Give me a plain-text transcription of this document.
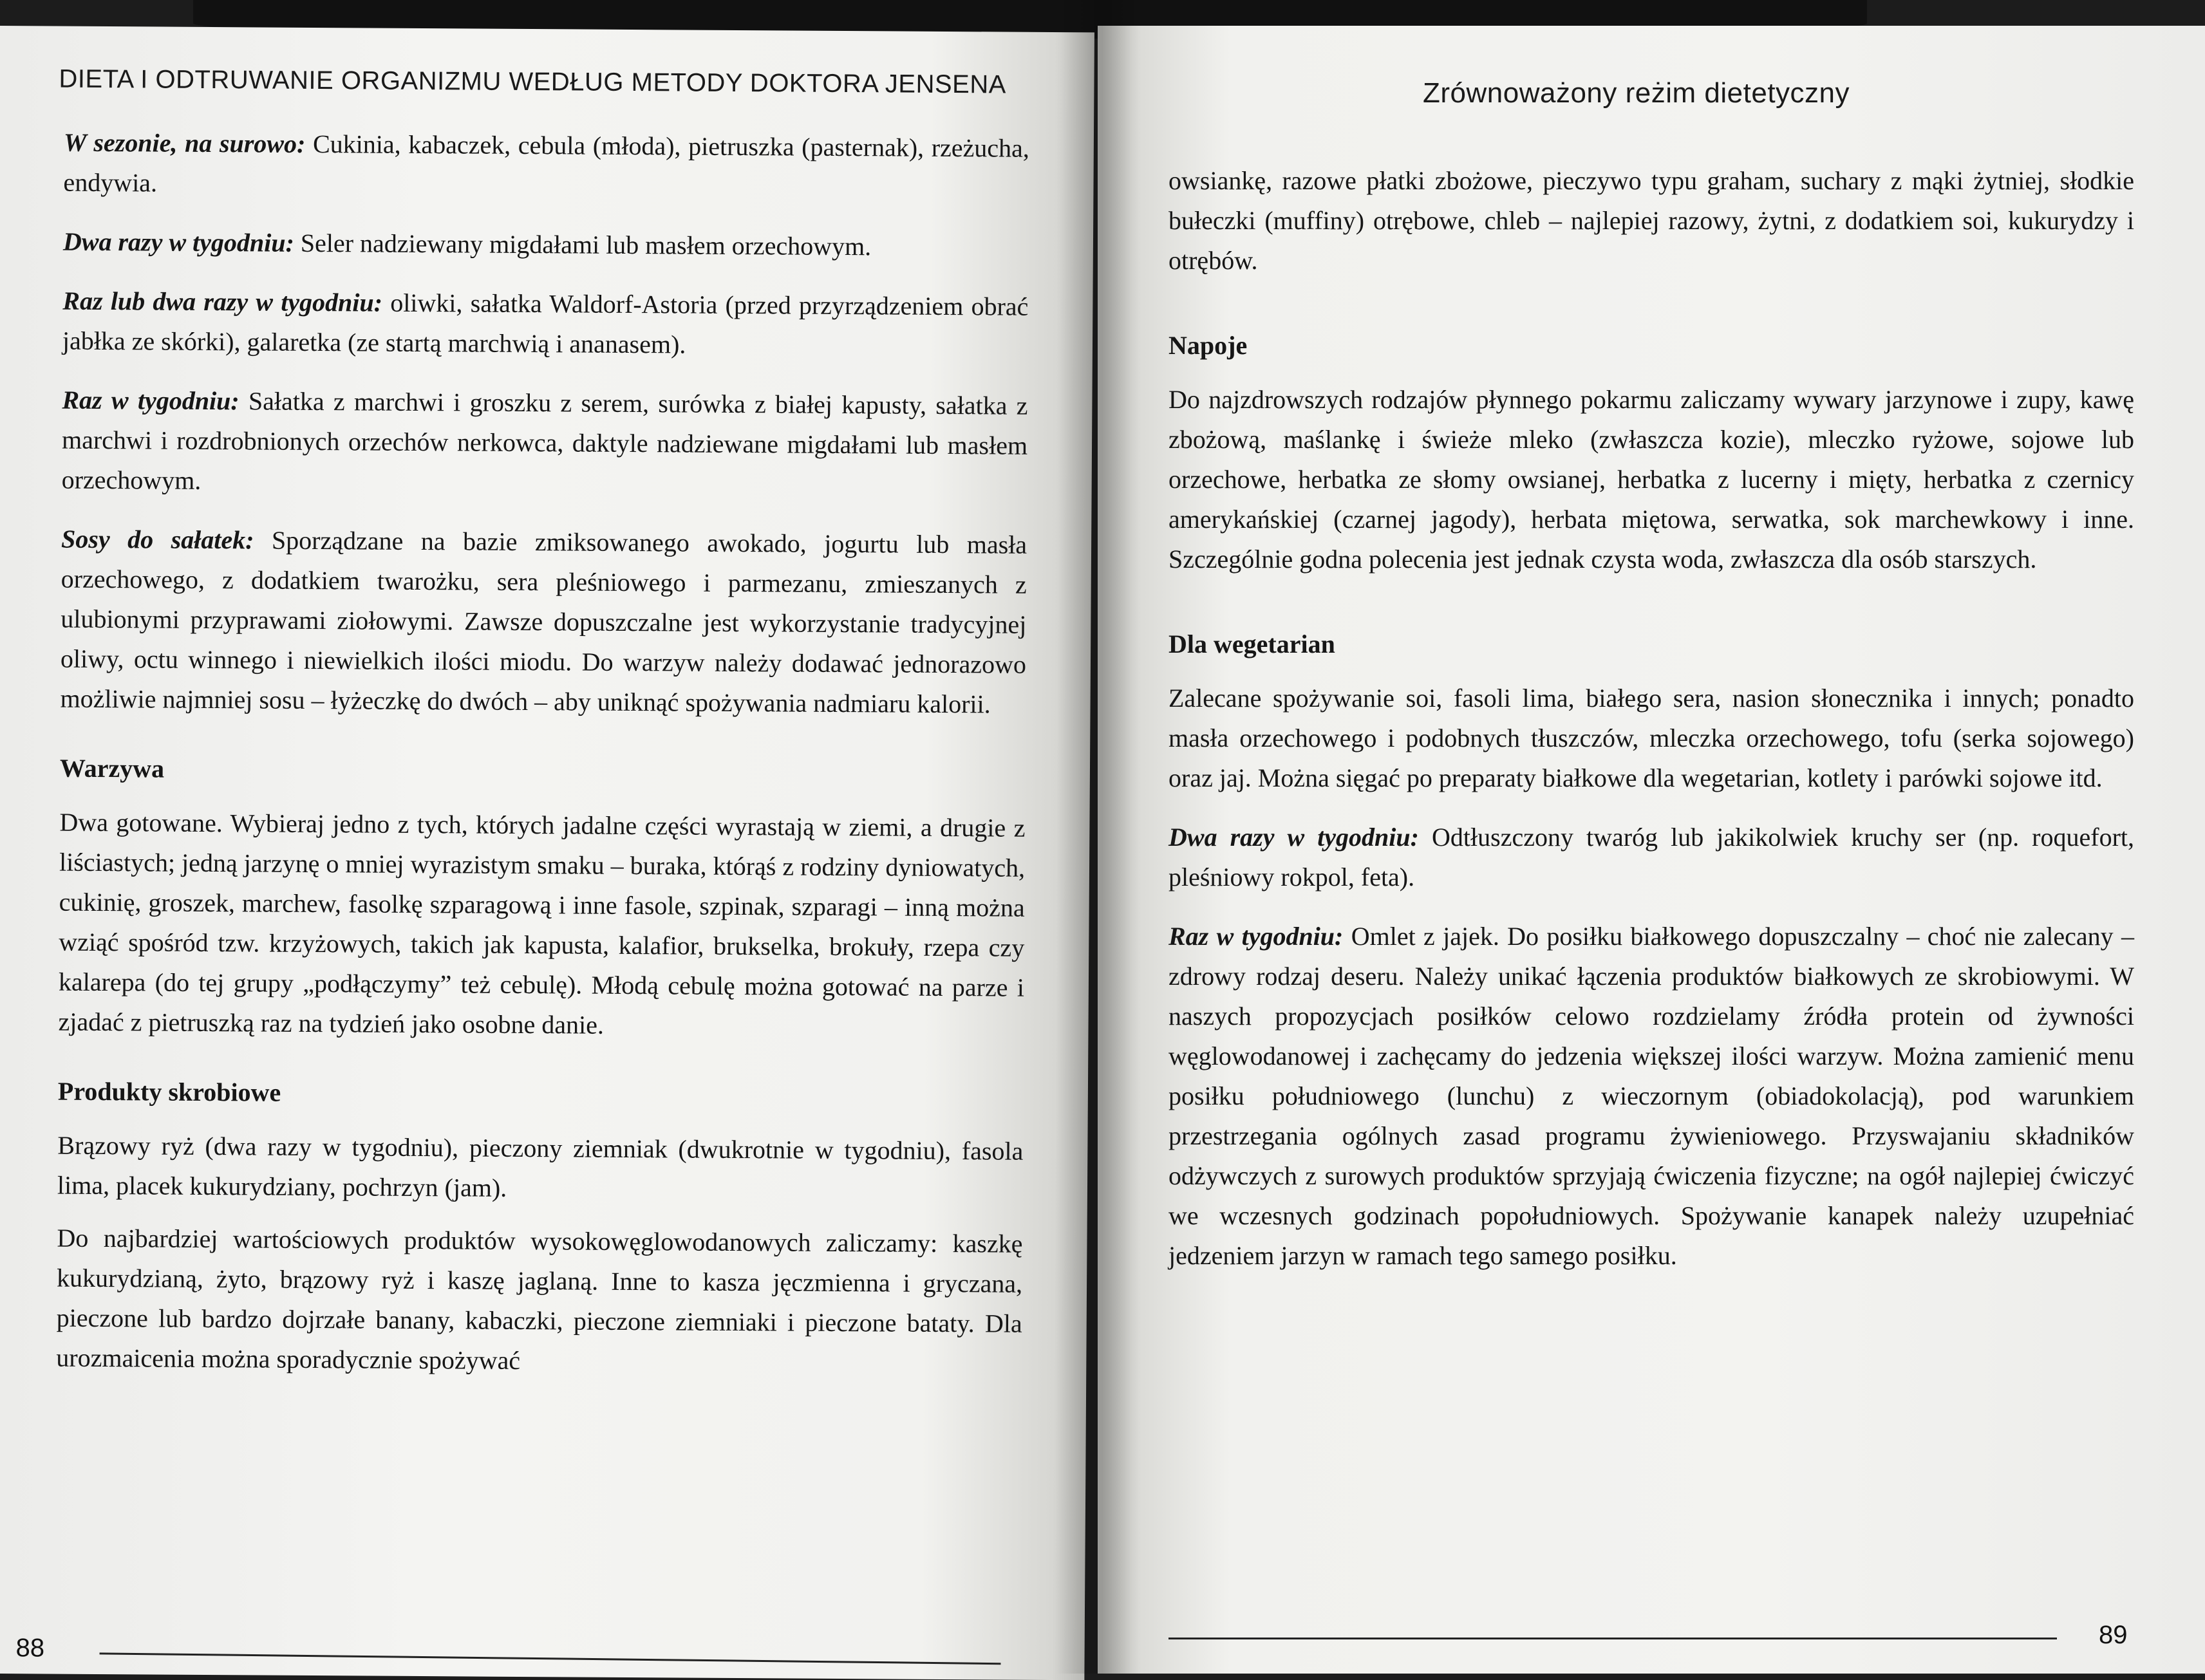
DIETA I ODTRUWANIE ORGANIZMU WEDŁUG METODY DOKTORA JENSENA

W sezonie, na surowo: Cukinia, kabaczek, cebula (młoda), pietruszka (pasternak), rzeżucha, endywia.

Dwa razy w tygodniu: Seler nadziewany migdałami lub masłem orzechowym.

Raz lub dwa razy w tygodniu: oliwki, sałatka Waldorf-Astoria (przed przyrządzeniem obrać jabłka ze skórki), galaretka (ze startą marchwią i ananasem).

Raz w tygodniu: Sałatka z marchwi i groszku z serem, surówka z białej kapusty, sałatka z marchwi i rozdrobnionych orzechów nerkowca, daktyle nadziewane migdałami lub masłem orzechowym.

Sosy do sałatek: Sporządzane na bazie zmiksowanego awokado, jogurtu lub masła orzechowego, z dodatkiem twarożku, sera pleśniowego i parmezanu, zmieszanych z ulubionymi przyprawami ziołowymi. Zawsze dopuszczalne jest wykorzystanie tradycyjnej oliwy, octu winnego i niewielkich ilości miodu. Do warzyw należy dodawać jednorazowo możliwie najmniej sosu – łyżeczkę do dwóch – aby uniknąć spożywania nadmiaru kalorii.

Warzywa

Dwa gotowane. Wybieraj jedno z tych, których jadalne części wyrastają w ziemi, a drugie z liściastych; jedną jarzynę o mniej wyrazistym smaku – buraka, którąś z rodziny dyniowatych, cukinię, groszek, marchew, fasolkę szparagową i inne fasole, szpinak, szparagi – inną można wziąć spośród tzw. krzyżowych, takich jak kapusta, kalafior, brukselka, brokuły, rzepa czy kalarepa (do tej grupy „podłączymy” też cebulę). Młodą cebulę można gotować na parze i zjadać z pietruszką raz na tydzień jako osobne danie.

Produkty skrobiowe

Brązowy ryż (dwa razy w tygodniu), pieczony ziemniak (dwukrotnie w tygodniu), fasola lima, placek kukurydziany, pochrzyn (jam).

Do najbardziej wartościowych produktów wysokowęglowodanowych zaliczamy: kaszkę kukurydzianą, żyto, brązowy ryż i kaszę jaglaną. Inne to kasza jęczmienna i gryczana, pieczone lub bardzo dojrzałe banany, kabaczki, pieczone ziemniaki i pieczone bataty. Dla urozmaicenia można sporadycznie spożywać

88
Zrównoważony reżim dietetyczny

owsiankę, razowe płatki zbożowe, pieczywo typu graham, suchary z mąki żytniej, słodkie bułeczki (muffiny) otrębowe, chleb – najlepiej razowy, żytni, z dodatkiem soi, kukurydzy i otrębów.

Napoje

Do najzdrowszych rodzajów płynnego pokarmu zaliczamy wywary jarzynowe i zupy, kawę zbożową, maślankę i świeże mleko (zwłaszcza kozie), mleczko ryżowe, sojowe lub orzechowe, herbatka ze słomy owsianej, herbatka z lucerny i mięty, herbatka z czernicy amerykańskiej (czarnej jagody), herbata miętowa, serwatka, sok marchewkowy i inne. Szczególnie godna polecenia jest jednak czysta woda, zwłaszcza dla osób starszych.

Dla wegetarian

Zalecane spożywanie soi, fasoli lima, białego sera, nasion słonecznika i innych; ponadto masła orzechowego i podobnych tłuszczów, mleczka orzechowego, tofu (serka sojowego) oraz jaj. Można sięgać po preparaty białkowe dla wegetarian, kotlety i parówki sojowe itd.

Dwa razy w tygodniu: Odtłuszczony twaróg lub jakikolwiek kruchy ser (np. roquefort, pleśniowy rokpol, feta).

Raz w tygodniu: Omlet z jajek. Do posiłku białkowego dopuszczalny – choć nie zalecany – zdrowy rodzaj deseru. Należy unikać łączenia produktów białkowych ze skrobiowymi. W naszych propozycjach posiłków celowo rozdzielamy źródła protein od żywności węglowodanowej i zachęcamy do jedzenia większej ilości warzyw. Można zamienić menu posiłku południowego (lunchu) z wieczornym (obiadokolacją), pod warunkiem przestrzegania ogólnych zasad programu żywieniowego. Przyswajaniu składników odżywczych z surowych produktów sprzyjają ćwiczenia fizyczne; na ogół najlepiej ćwiczyć we wczesnych godzinach popołudniowych. Spożywanie kanapek należy uzupełniać jedzeniem jarzyn w ramach tego samego posiłku.

89
